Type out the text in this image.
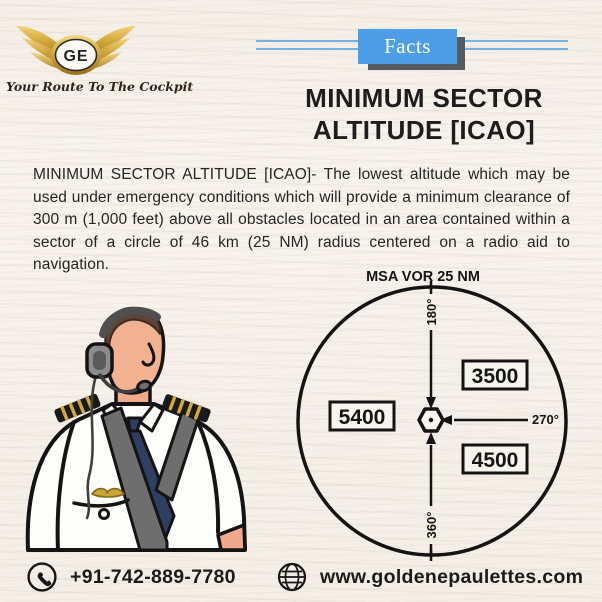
GE
Your Route To The Cockpit
Facts
MINIMUM SECTOR
ALTITUDE [ICAO]
MINIMUM SECTOR ALTITUDE [ICAO]- The lowest altitude which may be used under emergency conditions which will provide a minimum clearance of 300 m (1,000 feet) above all obstacles located in an area contained within a sector of a circle of 46 km (25 NM) radius centered on a radio aid to navigation.
MSA VOR 25 NM
180°
360°
270°
3500
5400
4500
+91-742-889-7780	www.goldenepaulettes.com
